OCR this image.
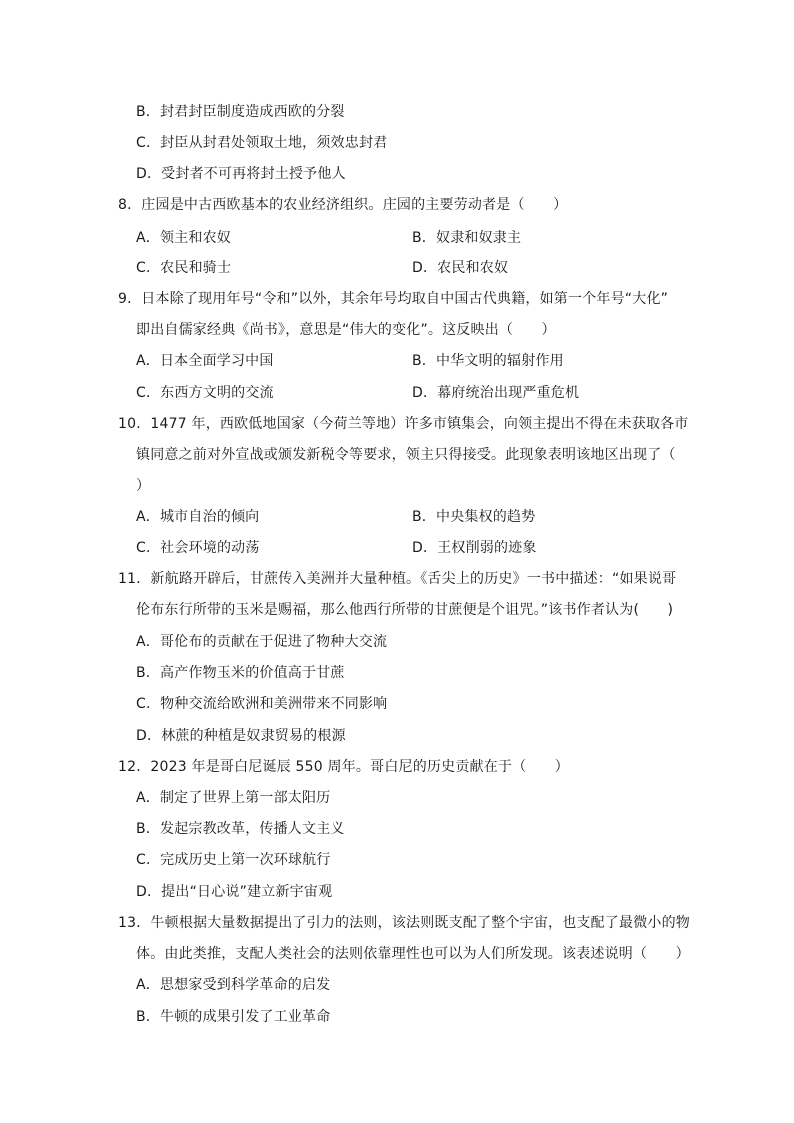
B．封君封臣制度造成西欧的分裂
C．封臣从封君处领取土地，须效忠封君
D．受封者不可再将封土授予他人
8．庄园是中古西欧基本的农业经济组织。庄园的主要劳动者是（　　）
A．领主和农奴	B．奴隶和奴隶主
C．农民和骑士	D．农民和农奴
9．日本除了现用年号“令和”以外，其余年号均取自中国古代典籍，如第一个年号“大化”
即出自儒家经典《尚书》，意思是“伟大的变化”。这反映出（　　）
A．日本全面学习中国	B．中华文明的辐射作用
C．东西方文明的交流	D．幕府统治出现严重危机
10．1477 年，西欧低地国家（今荷兰等地）许多市镇集会，向领主提出不得在未获取各市
镇同意之前对外宣战或颁发新税令等要求，领主只得接受。此现象表明该地区出现了（
）
A．城市自治的倾向	B．中央集权的趋势
C．社会环境的动荡	D．王权削弱的迹象
11．新航路开辟后，甘蔗传入美洲并大量种植。《舌尖上的历史》一书中描述：“如果说哥
伦布东行所带的玉米是赐福，那么他西行所带的甘蔗便是个诅咒。”该书作者认为(　　)
A．哥伦布的贡献在于促进了物种大交流
B．高产作物玉米的价值高于甘蔗
C．物种交流给欧洲和美洲带来不同影响
D．林蔗的种植是奴隶贸易的根源
12．2023 年是哥白尼诞辰 550 周年。哥白尼的历史贡献在于（　　）
A．制定了世界上第一部太阳历
B．发起宗教改革，传播人文主义
C．完成历史上第一次环球航行
D．提出“日心说”建立新宇宙观
13．牛顿根据大量数据提出了引力的法则，该法则既支配了整个宇宙，也支配了最微小的物
体。由此类推，支配人类社会的法则依靠理性也可以为人们所发现。该表述说明（　　）
A．思想家受到科学革命的启发
B．牛顿的成果引发了工业革命
